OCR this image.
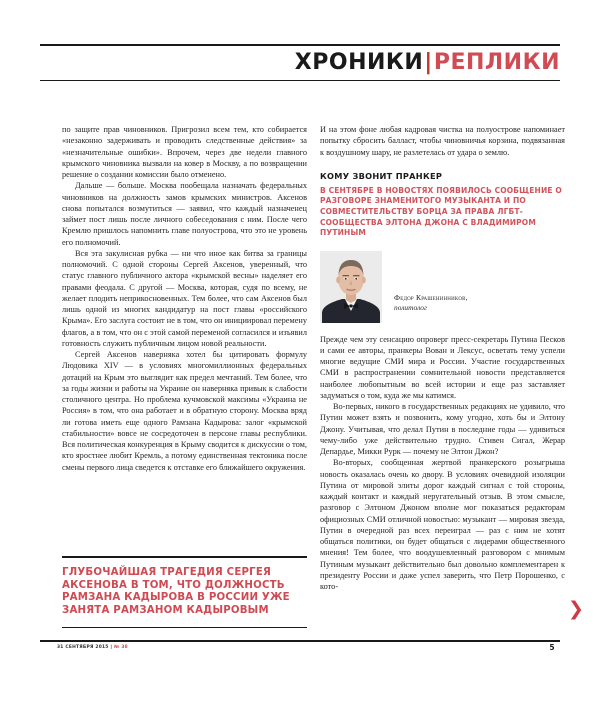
ХРОНИКИ|РЕПЛИКИ

по защите прав чиновников. Пригрозил всем тем, кто собирается «незаконно задерживать и проводить следственные действия» за «незначительные ошибки». Впрочем, через две недели главного крымского чиновника вызвали на ковер в Москву, а по возвращении решение о создании комиссии было отменено.

Дальше — больше. Москва пообещала назначать федеральных чиновников на должность замов крымских министров. Аксенов снова попытался возмутиться — заявил, что каждый назначенец займет пост лишь после личного собеседования с ним. После чего Кремлю пришлось напомнить главе полуострова, что это не уровень его полномочий.

Вся эта закулисная рубка — ни что иное как битва за границы полномочий. С одной стороны Сергей Аксенов, уверенный, что статус главного публичного актора «крымской весны» наделяет его правами феодала. С другой — Москва, которая, судя по всему, не желает плодить неприкосновенных. Тем более, что сам Аксенов был лишь одной из многих кандидатур на пост главы «российского Крыма». Его заслуга состоит не в том, что он инициировал перемену флагов, а в том, что он с этой самой переменой согласился и изъявил готовность служить публичным лицом новой реальности.

Сергей Аксенов наверняка хотел бы цитировать формулу Людовика XIV — в условиях многомиллионных федеральных дотаций на Крым это выглядит как предел мечтаний. Тем более, что за годы жизни и работы на Украине он наверняка привык к слабости столичного центра. Но проблема кучмовской максимы «Украина не Россия» в том, что она работает и в обратную сторону. Москва вряд ли готова иметь еще одного Рамзана Кадырова: залог «крымской стабильности» вовсе не сосредоточен в персоне главы республики. Вся политическая конкуренция в Крыму сводится к дискуссии о том, кто яростнее любит Кремль, а потому единственная тектоника после смены первого лица сведется к отставке его ближайшего окружения.

ГЛУБОЧАЙШАЯ ТРАГЕДИЯ СЕРГЕЯ АКСЕНОВА В ТОМ, ЧТО ДОЛЖНОСТЬ РАМЗАНА КАДЫРОВА В РОССИИ УЖЕ ЗАНЯТА РАМЗАНОМ КАДЫРОВЫМ

И на этом фоне любая кадровая чистка на полуострове напоминает попытку сбросить балласт, чтобы чиновничья корзина, подвязанная к воздушному шару, не разлетелась от удара о землю.

КОМУ ЗВОНИТ ПРАНКЕР
В СЕНТЯБРЕ В НОВОСТЯХ ПОЯВИЛОСЬ СООБЩЕНИЕ О РАЗГОВОРЕ ЗНАМЕНИТОГО МУЗЫКАНТА И ПО СОВМЕСТИТЕЛЬСТВУ БОРЦА ЗА ПРАВА ЛГБТ-СООБЩЕСТВА ЭЛТОНА ДЖОНА С ВЛАДИМИРОМ ПУТИНЫМ
Федор Крашенинников,
политолог

Прежде чем эту сенсацию опроверг пресс-секретарь Путина Песков и сами ее авторы, пранкеры Вован и Лексус, осветать тему успели многие ведущие СМИ мира и России. Участие государственных СМИ в распространении сомнительной новости представляется наиболее любопытным во всей истории и еще раз заставляет задуматься о том, куда же мы катимся.

Во-первых, никого в государственных редакциях не удивило, что Путин может взять и позвонить, кому угодно, хоть бы и Элтону Джону. Учитывая, что делал Путин в последние годы — удивиться чему-либо уже действительно трудно. Стивен Сигал, Жерар Депардье, Микки Рурк — почему не Элтон Джон?

Во-вторых, сообщенная жертвой пранкерского розыгрыша новость оказалась очень ко двору. В условиях очевидной изоляции Путина от мировой элиты дорог каждый сигнал с той стороны, каждый контакт и каждый неругательный отзыв. В этом смысле, разговор с Элтоном Джоном вполне мог показаться редакторам официозных СМИ отличной новостью: музыкант — мировая звезда, Путин в очередной раз всех переиграл — раз с ним не хотят общаться политики, он будет общаться с лидерами общественного мнения! Тем более, что воодушевленный разговором с мнимым Путиным музыкант действительно был довольно комплементарен к президенту России и даже успел заверить, что Петр Порошенко, с кото-

❯
31 СЕНТЯБРЯ 2015 | № 38	5
